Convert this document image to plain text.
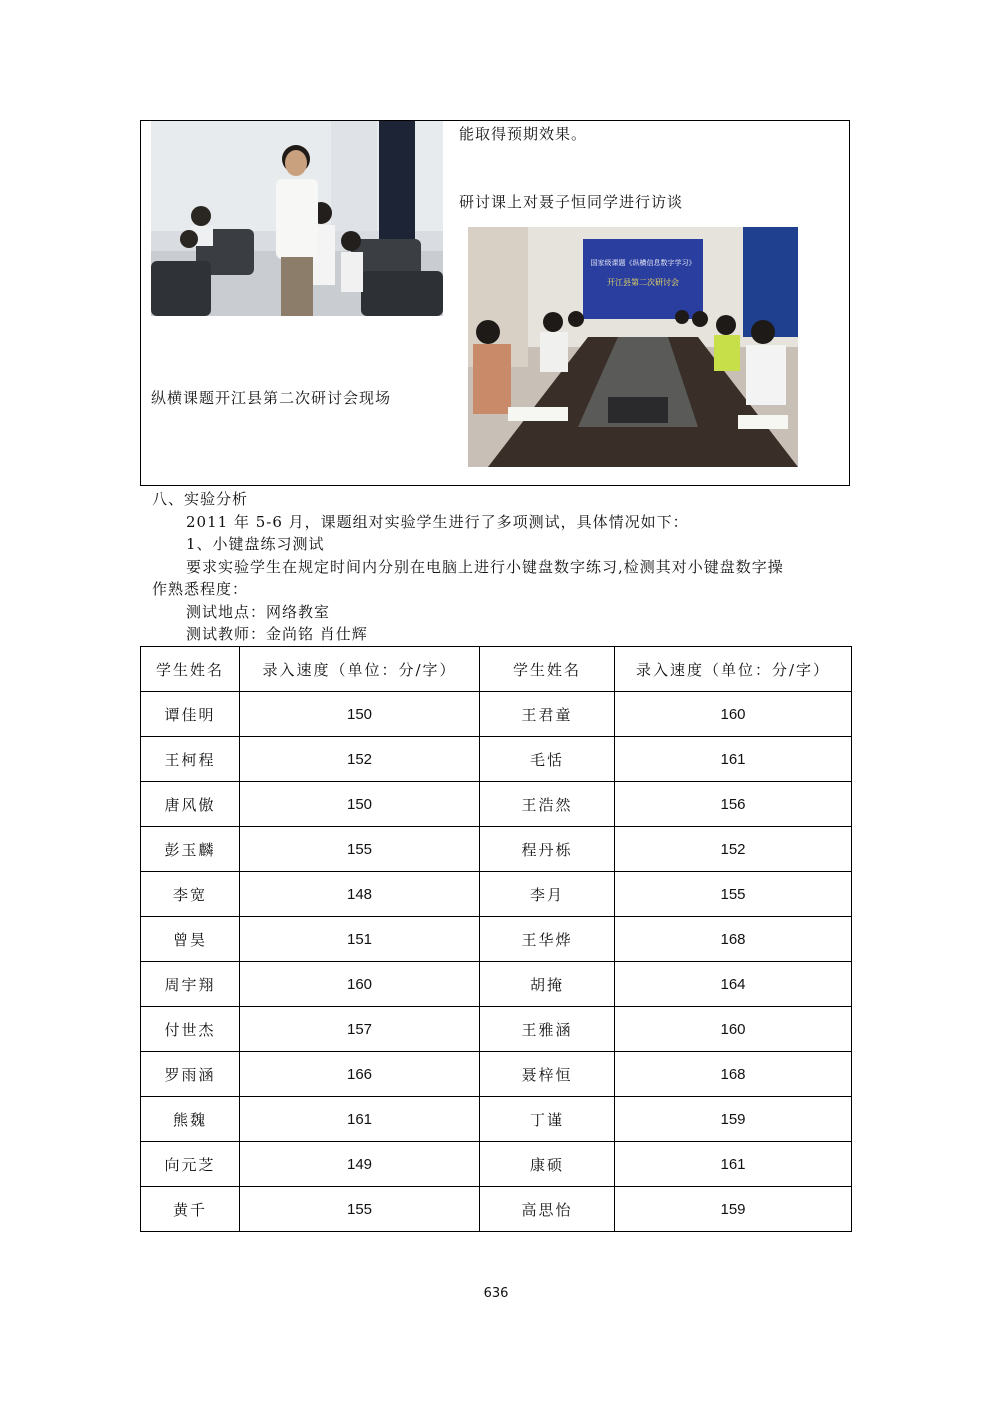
能取得预期效果。
研讨课上对聂子恒同学进行访谈
国家级课题《纵横信息数字学习》
开江县第二次研讨会
纵横课题开江县第二次研讨会现场
八、实验分析
2011 年 5-6 月，课题组对实验学生进行了多项测试，具体情况如下：
1、小键盘练习测试
要求实验学生在规定时间内分别在电脑上进行小键盘数字练习,检测其对小键盘数字操
作熟悉程度：
测试地点：网络教室
测试教师：金尚铭 肖仕辉
学生姓名	录入速度（单位：分/字）	学生姓名	录入速度（单位：分/字）
谭佳明	150	王君童	160
王柯程	152	毛恬	161
唐风傲	150	王浩然	156
彭玉麟	155	程丹栎	152
李宽	148	李月	155
曾昊	151	王华烨	168
周宇翔	160	胡掩	164
付世杰	157	王雅涵	160
罗雨涵	166	聂梓恒	168
熊魏	161	丁谨	159
向元芝	149	康硕	161
黄千	155	高思怡	159
636
